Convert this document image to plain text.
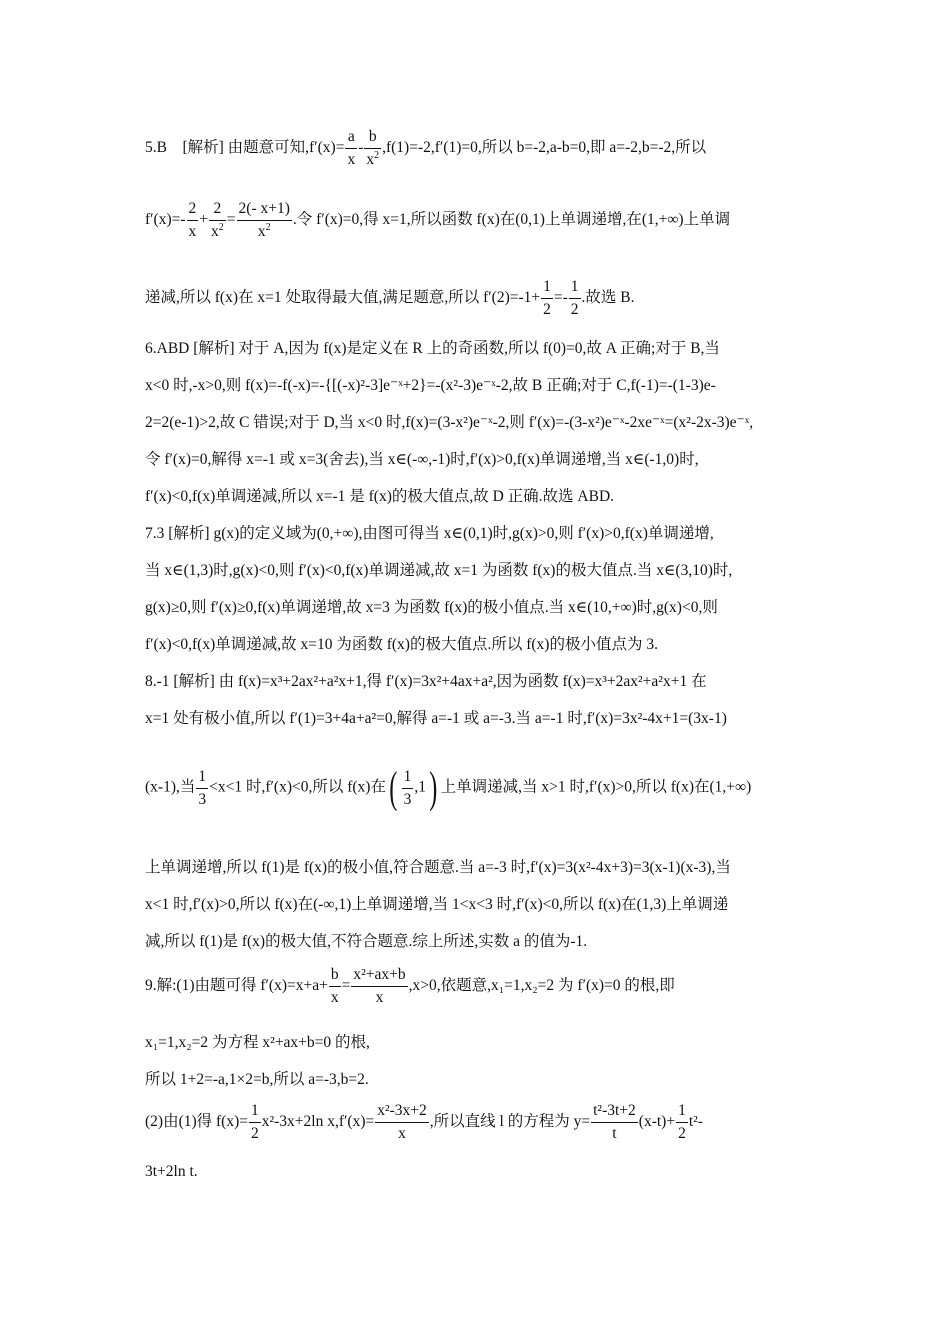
5.B [解析] 由题意可知$,f'(x)= \frac{a}{x} - \frac{b}{x^2} ,f(1)=-2,f'(1)=0$,所以 b=-2,a-b=0,即 a=-2,b=-2,所以
$f'(x)=- \frac{2}{x} + \frac{2}{x^2} = \frac{2(- x+1)}{x^2}$ .令 f′(x)=0,得 x=1,所以函数 f(x)在(0,1)上单调递增,在(1,+∞)上单调
递减,所以 f(x)在 x=1 处取得最大值,满足题意,所以 $f'(2)=-1+ \frac{1}{2} =- \frac{1}{2}$ .故选 B.
6.ABD [解析] 对于 A,因为 f(x)是定义在 R 上的奇函数,所以 f(0)=0,故 A 正确;对于 B,当
x<0 时,-x>0,则 f(x)=-f(-x)=-{[(-x)²-3]e⁻ˣ+2}=-(x²-3)e⁻ˣ-2,故 B 正确;对于 C,f(-1)=-(1-3)e-
2=2(e-1)>2,故 C 错误;对于 D,当 x<0 时,f(x)=(3-x²)e⁻ˣ-2,则 f′(x)=-(3-x²)e⁻ˣ-2xe⁻ˣ=(x²-2x-3)e⁻ˣ,
令 f′(x)=0,解得 x=-1 或 x=3(舍去),当 x∈(-∞,-1)时,f′(x)>0,f(x)单调递增,当 x∈(-1,0)时,
f′(x)<0,f(x)单调递减,所以 x=-1 是 f(x)的极大值点,故 D 正确.故选 ABD.
7.3 [解析] g(x)的定义域为(0,+∞),由图可得当 x∈(0,1)时,g(x)>0,则 f′(x)>0,f(x)单调递增,
当 x∈(1,3)时,g(x)<0,则 f′(x)<0,f(x)单调递减,故 x=1 为函数 f(x)的极大值点.当 x∈(3,10)时,
g(x)≥0,则 f′(x)≥0,f(x)单调递增,故 x=3 为函数 f(x)的极小值点.当 x∈(10,+∞)时,g(x)<0,则
f′(x)<0,f(x)单调递减,故 x=10 为函数 f(x)的极大值点.所以 f(x)的极小值点为 3.
8.-1 [解析] 由 f(x)=x³+2ax²+a²x+1,得 f′(x)=3x²+4ax+a²,因为函数 f(x)=x³+2ax²+a²x+1 在
x=1 处有极小值,所以 f′(1)=3+4a+a²=0,解得 a=-1 或 a=-3.当 a=-1 时,f′(x)=3x²-4x+1=(3x-1)
(x-1),当 $\frac{1}{3} <x<1$ 时,f′(x)<0,所以 f(x)在( $\frac{1}{3} ,1$) 上单调递减,当 x>1 时,f′(x)>0,所以 f(x)在(1,+∞)
上单调递增,所以 f(1)是 f(x)的极小值,符合题意.当 a=-3 时,f′(x)=3(x²-4x+3)=3(x-1)(x-3),当
x<1 时,f′(x)>0,所以 f(x)在(-∞,1)上单调递增,当 1<x<3 时,f′(x)<0,所以 f(x)在(1,3)上单调递
减,所以 f(1)是 f(x)的极大值,不符合题意.综上所述,实数 a 的值为-1.
9.解:(1)由题可得 $f'(x)=x+a+ \frac{b}{x} = \frac{\text{x²+ax+b}}{x} ,x>0$,依题意,x₁=1,x₂=2 为 f′(x)=0 的根,即
x₁=1,x₂=2 为方程 x²+ax+b=0 的根,
所以 1+2=-a,1×2=b,所以 a=-3,b=2.
(2)由(1)得 $f(x)= \frac{1}{2} x^2-3x+2\ln$ $x,f'(x)= \frac{\text{x²-3x+2}}{x}$ ,所以直线 l 的方程为 $y= \frac{\text{t²-3t+2}}{t} (x-t)+ \frac{1}{2} t^2-$
3t+2ln t.
